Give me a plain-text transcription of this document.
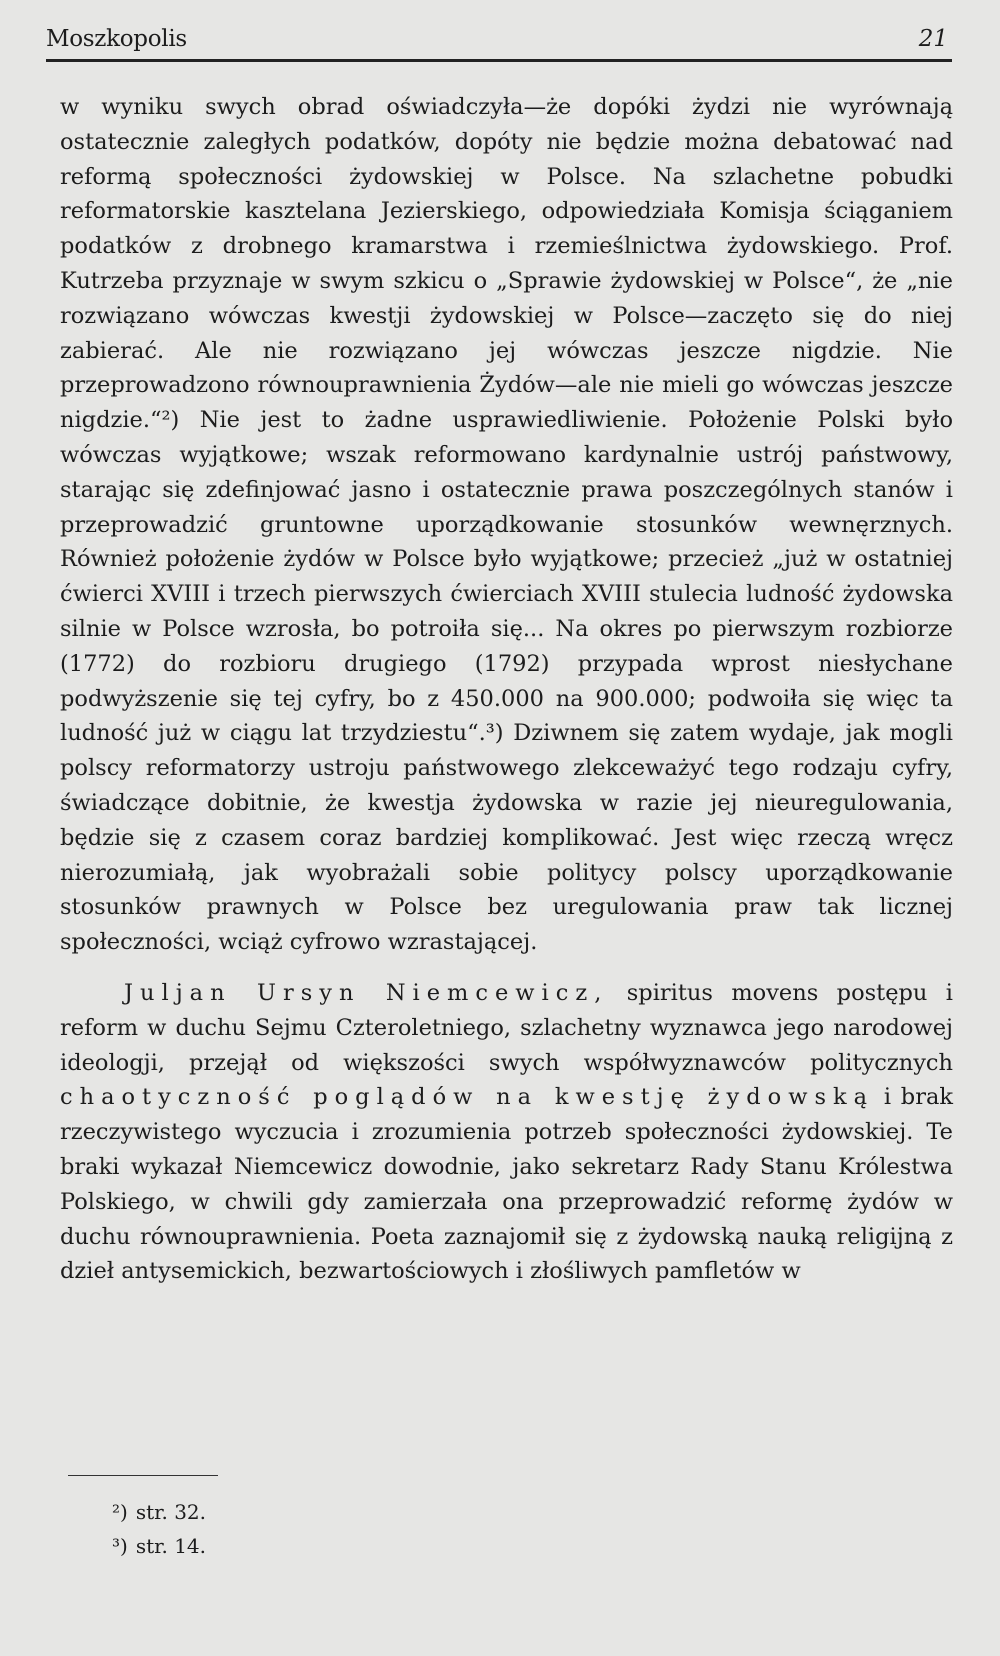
Moszkopolis	21

w wyniku swych obrad oświadczyła—że dopóki żydzi nie wyrównają ostatecznie zaległych podatków, dopóty nie będzie można debatować nad reformą społeczności żydowskiej w Polsce. Na szlachetne pobudki reformatorskie kasztelana Jezierskiego, odpowiedziała Komisja ściąganiem podatków z drobnego kramarstwa i rzemieślnictwa żydowskiego. Prof. Kutrzeba przyznaje w swym szkicu o „Sprawie żydowskiej w Polsce“, że „nie rozwiązano wówczas kwestji żydowskiej w Polsce—zaczęto się do niej zabierać. Ale nie rozwiązano jej wówczas jeszcze nigdzie. Nie przeprowadzono równouprawnienia Żydów—ale nie mieli go wówczas jeszcze nigdzie.“²) Nie jest to żadne usprawiedliwienie. Położenie Polski było wówczas wyjątkowe; wszak reformowano kardynalnie ustrój państwowy, starając się zdefinjować jasno i ostatecznie prawa poszczególnych stanów i przeprowadzić gruntowne uporządkowanie stosunków wewnęrznych. Również położenie żydów w Polsce było wyjątkowe; przecież „już w ostatniej ćwierci XVIII i trzech pierwszych ćwierciach XVIII stulecia ludność żydowska silnie w Polsce wzrosła, bo potroiła się... Na okres po pierwszym rozbiorze (1772) do rozbioru drugiego (1792) przypada wprost niesłychane podwyższenie się tej cyfry, bo z 450.000 na 900.000; podwoiła się więc ta ludność już w ciągu lat trzydziestu“.³) Dziwnem się zatem wydaje, jak mogli polscy reformatorzy ustroju państwowego zlekceważyć tego rodzaju cyfry, świadczące dobitnie, że kwestja żydowska w razie jej nieuregulowania, będzie się z czasem coraz bardziej komplikować. Jest więc rzeczą wręcz nierozumiałą, jak wyobrażali sobie politycy polscy uporządkowanie stosunków prawnych w Polsce bez uregulowania praw tak licznej społeczności, wciąż cyfrowo wzrastającej.

Juljan Ursyn Niemcewicz, spiritus movens postępu i reform w duchu Sejmu Czteroletniego, szlachetny wyznawca jego narodowej ideologji, przejął od większości swych współwyznawców politycznych chaotyczność poglądów na kwestję żydowską i brak rzeczywistego wyczucia i zrozumienia potrzeb społeczności żydowskiej. Te braki wykazał Niemcewicz dowodnie, jako sekretarz Rady Stanu Królestwa Polskiego, w chwili gdy zamierzała ona przeprowadzić reformę żydów w duchu równouprawnienia. Poeta zaznajomił się z żydowską nauką religijną z dzieł antysemickich, bezwartościowych i złośliwych pamfletów w

²) str. 32.
³) str. 14.
